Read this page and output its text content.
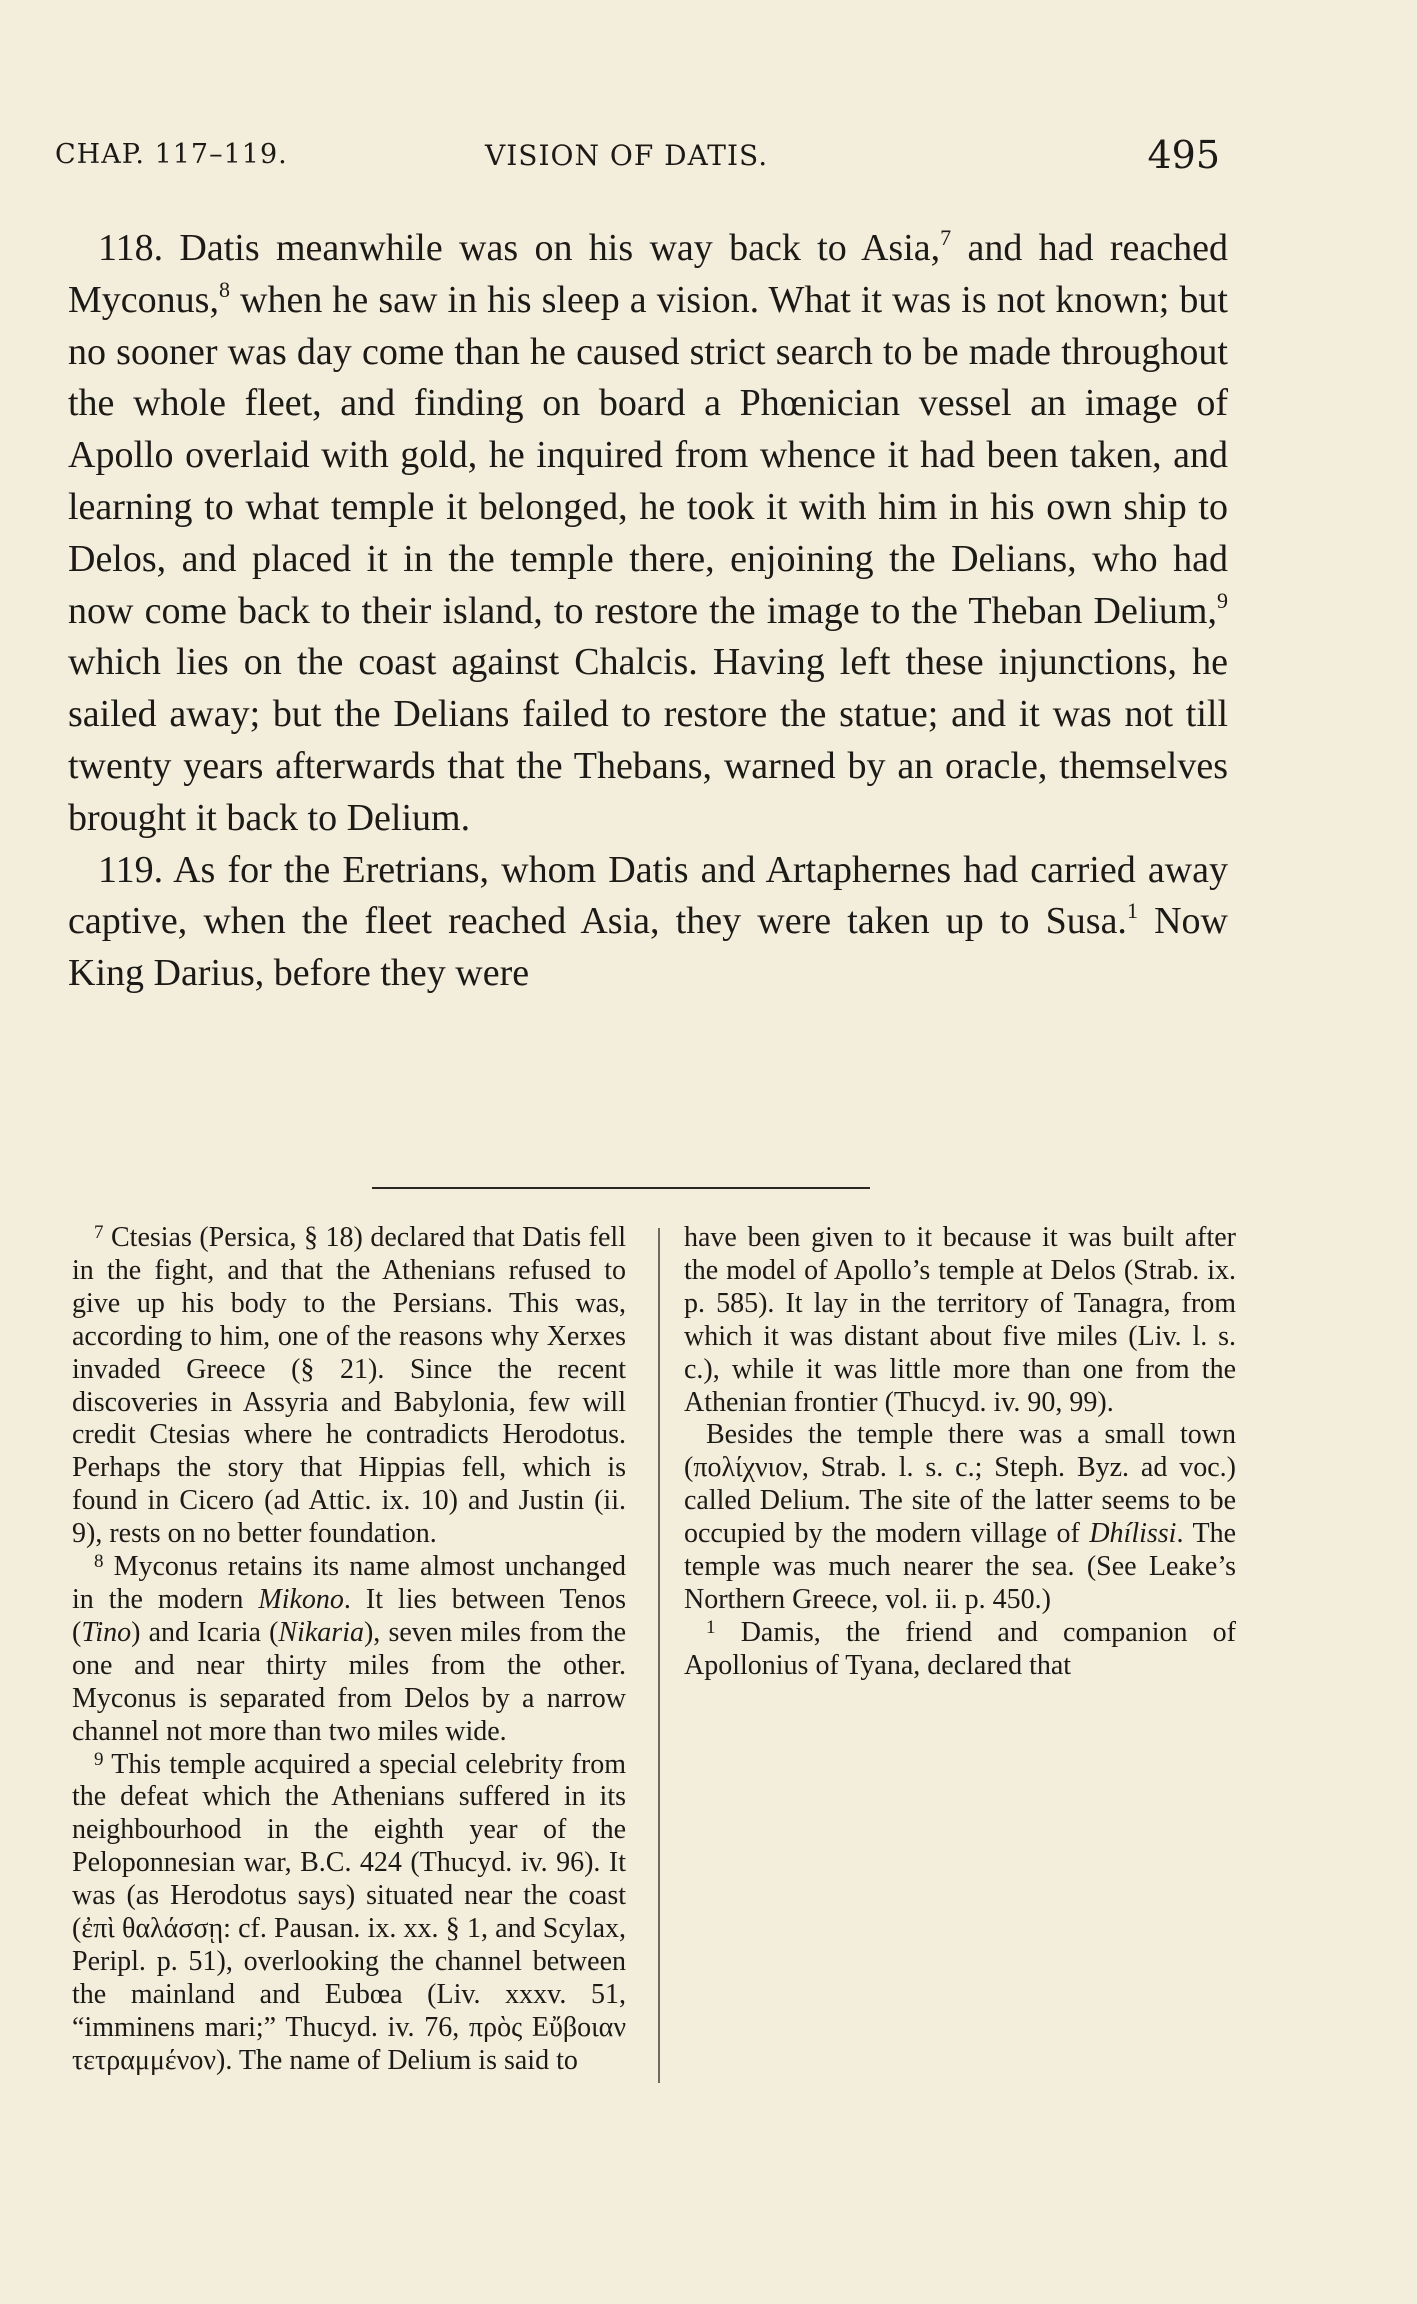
CHAP. 117–119.	VISION OF DATIS.	495

118. Datis meanwhile was on his way back to Asia,$^7$ and had reached Myconus,$^8$ when he saw in his sleep a vision. What it was is not known; but no sooner was day come than he caused strict search to be made throughout the whole fleet, and finding on board a Phœnician vessel an image of Apollo overlaid with gold, he inquired from whence it had been taken, and learning to what temple it belonged, he took it with him in his own ship to Delos, and placed it in the temple there, enjoining the Delians, who had now come back to their island, to restore the image to the Theban Delium,$^9$ which lies on the coast against Chalcis. Having left these injunctions, he sailed away; but the Delians failed to restore the statue; and it was not till twenty years afterwards that the Thebans, warned by an oracle, themselves brought it back to Delium.

119. As for the Eretrians, whom Datis and Artaphernes had carried away captive, when the fleet reached Asia, they were taken up to Susa.$^1$ Now King Darius, before they were

$^7$ Ctesias (Persica, § 18) declared that Datis fell in the fight, and that the Athenians refused to give up his body to the Persians. This was, according to him, one of the reasons why Xerxes invaded Greece (§ 21). Since the recent discoveries in Assyria and Babylonia, few will credit Ctesias where he contradicts Herodotus. Perhaps the story that Hippias fell, which is found in Cicero (ad Attic. ix. 10) and Justin (ii. 9), rests on no better foundation.

$^8$ Myconus retains its name almost unchanged in the modern Mikono. It lies between Tenos (Tino) and Icaria (Nikaria), seven miles from the one and near thirty miles from the other. Myconus is separated from Delos by a narrow channel not more than two miles wide.

$^9$ This temple acquired a special celebrity from the defeat which the Athenians suffered in its neighbourhood in the eighth year of the Peloponnesian war, B.C. 424 (Thucyd. iv. 96). It was (as Herodotus says) situated near the coast (ἐπὶ θαλάσσῃ: cf. Pausan. ix. xx. § 1, and Scylax, Peripl. p. 51), overlooking the channel between the mainland and Eubœa (Liv. xxxv. 51, “imminens mari;” Thucyd. iv. 76, πρὸς Εὔβοιαν τετραμμένον). The name of Delium is said to

have been given to it because it was built after the model of Apollo’s temple at Delos (Strab. ix. p. 585). It lay in the territory of Tanagra, from which it was distant about five miles (Liv. l. s. c.), while it was little more than one from the Athenian frontier (Thucyd. iv. 90, 99).

Besides the temple there was a small town (πολίχνιον, Strab. l. s. c.; Steph. Byz. ad voc.) called Delium. The site of the latter seems to be occupied by the modern village of Dhílissi. The temple was much nearer the sea. (See Leake’s Northern Greece, vol. ii. p. 450.)

$^1$ Damis, the friend and companion of Apollonius of Tyana, declared that
